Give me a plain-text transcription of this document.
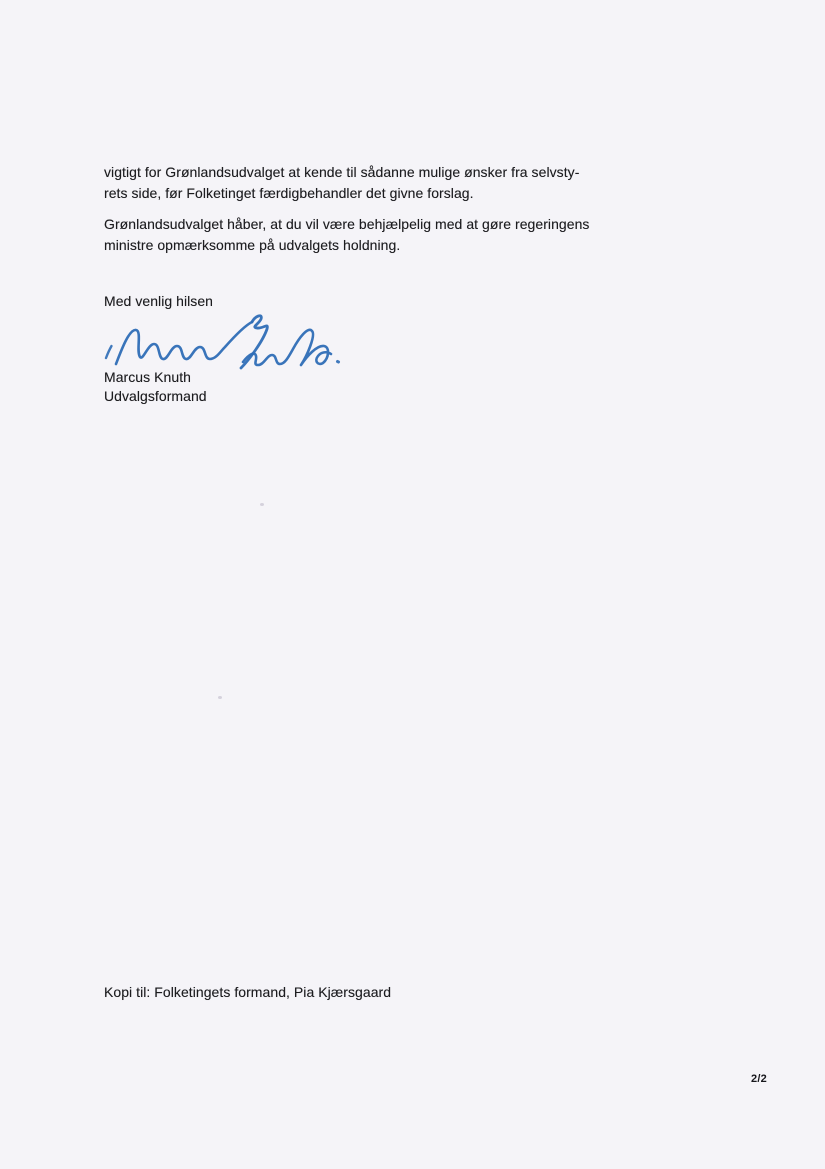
vigtigt for Grønlandsudvalget at kende til sådanne mulige ønsker fra selvsty-

rets side, før Folketinget færdigbehandler det givne forslag.

Grønlandsudvalget håber, at du vil være behjælpelig med at gøre regeringens

ministre opmærksomme på udvalgets holdning.

Med venlig hilsen

Marcus Knuth

Udvalgsformand

Kopi til: Folketingets formand, Pia Kjærsgaard

2/2
